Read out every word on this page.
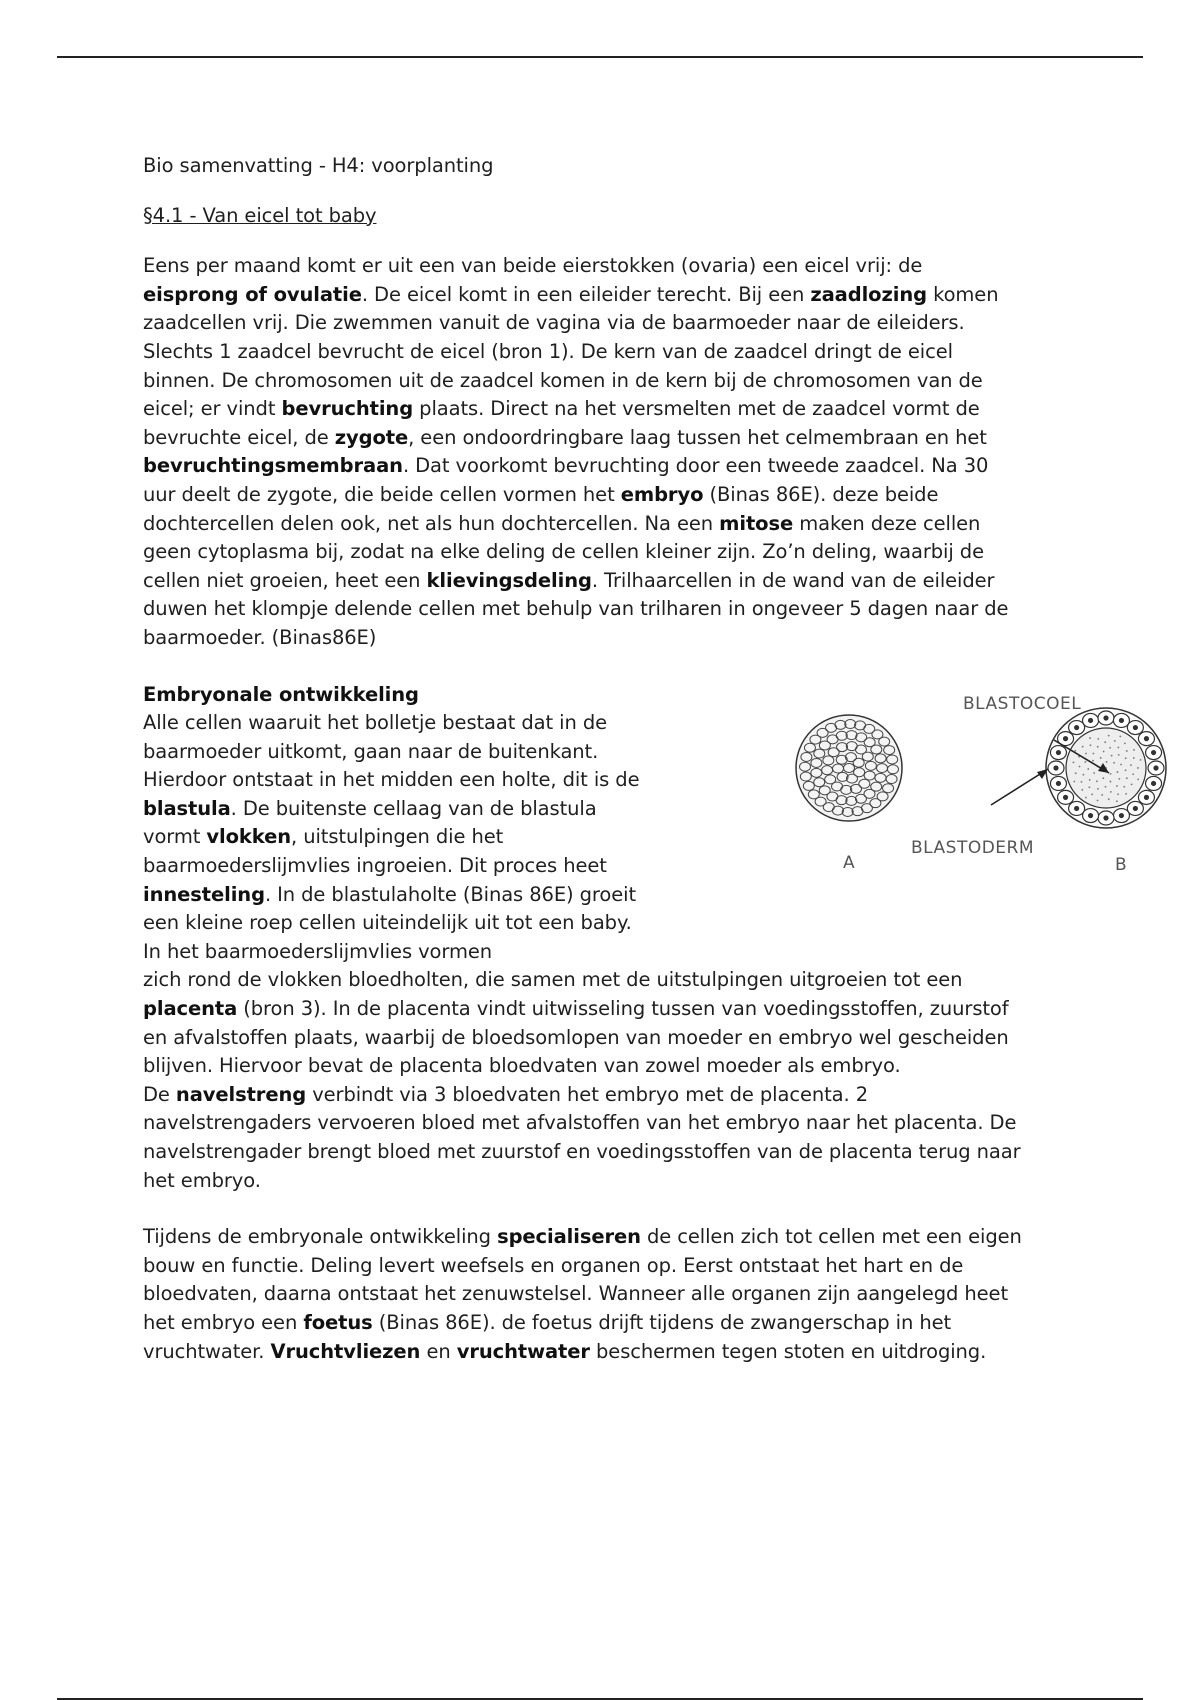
Bio samenvatting - H4: voorplanting

§4.1 - Van eicel tot baby

Eens per maand komt er uit een van beide eierstokken (ovaria) een eicel vrij: de eisprong of ovulatie. De eicel komt in een eileider terecht. Bij een zaadlozing komen zaadcellen vrij. Die zwemmen vanuit de vagina via de baarmoeder naar de eileiders. Slechts 1 zaadcel bevrucht de eicel (bron 1). De kern van de zaadcel dringt de eicel binnen. De chromosomen uit de zaadcel komen in de kern bij de chromosomen van de eicel; er vindt bevruchting plaats. Direct na het versmelten met de zaadcel vormt de bevruchte eicel, de zygote, een ondoordringbare laag tussen het celmembraan en het bevruchtingsmembraan. Dat voorkomt bevruchting door een tweede zaadcel. Na 30 uur deelt de zygote, die beide cellen vormen het embryo (Binas 86E). deze beide dochtercellen delen ook, net als hun dochtercellen. Na een mitose maken deze cellen geen cytoplasma bij, zodat na elke deling de cellen kleiner zijn. Zo’n deling, waarbij de cellen niet groeien, heet een klievingsdeling. Trilhaarcellen in de wand van de eileider duwen het klompje delende cellen met behulp van trilharen in ongeveer 5 dagen naar de baarmoeder. (Binas86E)

Embryonale ontwikkeling

Alle cellen waaruit het bolletje bestaat dat in de baarmoeder uitkomt, gaan naar de buitenkant. Hierdoor ontstaat in het midden een holte, dit is de blastula. De buitenste cellaag van de blastula vormt vlokken, uitstulpingen die het baarmoederslijmvlies ingroeien. Dit proces heet innesteling. In de blastulaholte (Binas 86E) groeit een kleine roep cellen uiteindelijk uit tot een baby. In het baarmoederslijmvlies vormen

zich rond de vlokken bloedholten, die samen met de uitstulpingen uitgroeien tot een placenta (bron 3). In de placenta vindt uitwisseling tussen van voedingsstoffen, zuurstof en afvalstoffen plaats, waarbij de bloedsomlopen van moeder en embryo wel gescheiden blijven. Hiervoor bevat de placenta bloedvaten van zowel moeder als embryo.

De navelstreng verbindt via 3 bloedvaten het embryo met de placenta. 2 navelstrengaders vervoeren bloed met afvalstoffen van het embryo naar het placenta. De navelstrengader brengt bloed met zuurstof en voedingsstoffen van de placenta terug naar het embryo.

Tijdens de embryonale ontwikkeling specialiseren de cellen zich tot cellen met een eigen bouw en functie. Deling levert weefsels en organen op. Eerst ontstaat het hart en de bloedvaten, daarna ontstaat het zenuwstelsel. Wanneer alle organen zijn aangelegd heet het embryo een foetus (Binas 86E). de foetus drijft tijdens de zwangerschap in het vruchtwater. Vruchtvliezen en vruchtwater beschermen tegen stoten en uitdroging.

BLASTOCOEL
BLASTODERM
A	B
